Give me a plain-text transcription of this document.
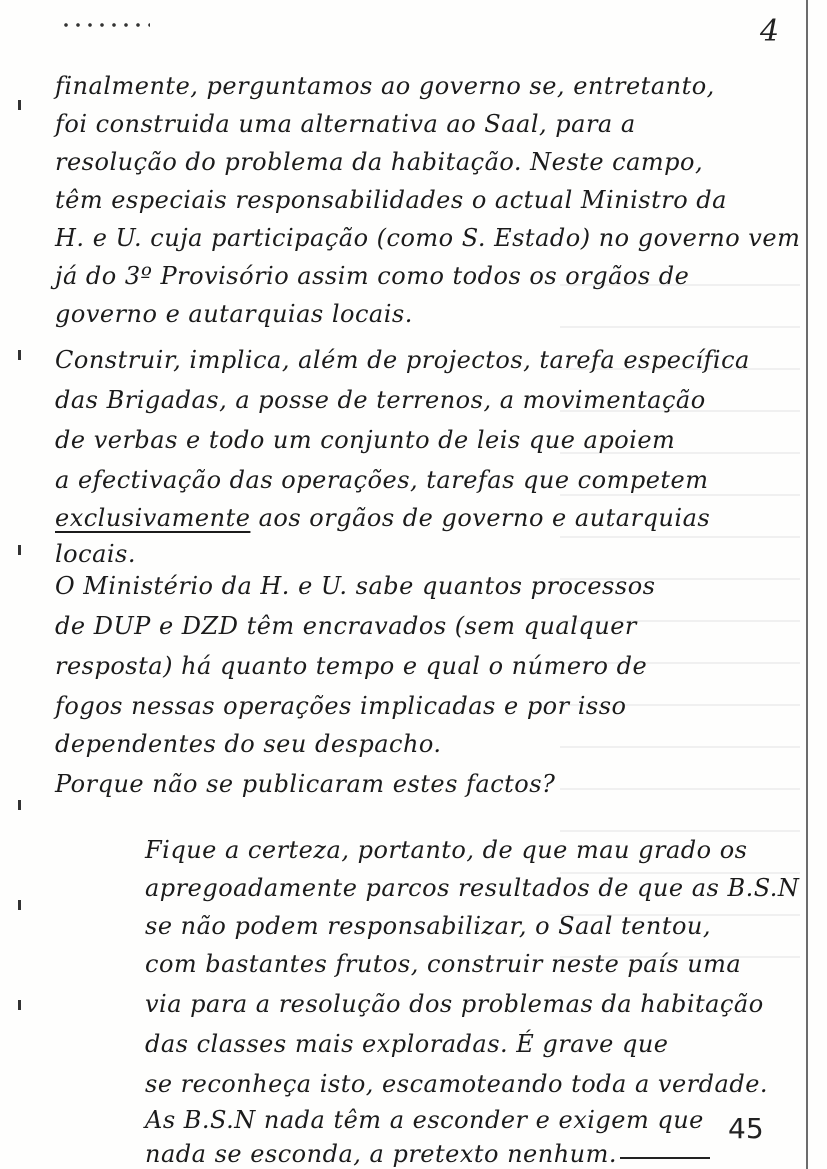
4
finalmente, perguntamos ao governo se, entretanto,
foi construida uma alternativa ao Saal, para a
resolução do problema da habitação. Neste campo,
têm especiais responsabilidades o actual Ministro da
H. e U. cuja participação (como S. Estado) no governo vem
já do 3º Provisório assim como todos os orgãos de
governo e autarquias locais.
Construir, implica, além de projectos, tarefa específica
das Brigadas, a posse de terrenos, a movimentação
de verbas e todo um conjunto de leis que apoiem
a efectivação das operações, tarefas que competem
exclusivamente aos orgãos de governo e autarquias
locais.
O Ministério da H. e U. sabe quantos processos
de DUP e DZD têm encravados (sem qualquer
resposta) há quanto tempo e qual o número de
fogos nessas operações implicadas e por isso
dependentes do seu despacho.
Porque não se publicaram estes factos?
Fique a certeza, portanto, de que mau grado os
apregoadamente parcos resultados de que as B.S.N
se não podem responsabilizar, o Saal tentou,
com bastantes frutos, construir neste país uma
via para a resolução dos problemas da habitação
das classes mais exploradas. É grave que
se reconheça isto, escamoteando toda a verdade.
As B.S.N nada têm a esconder e exigem que
nada se esconda, a pretexto nenhum.
45
